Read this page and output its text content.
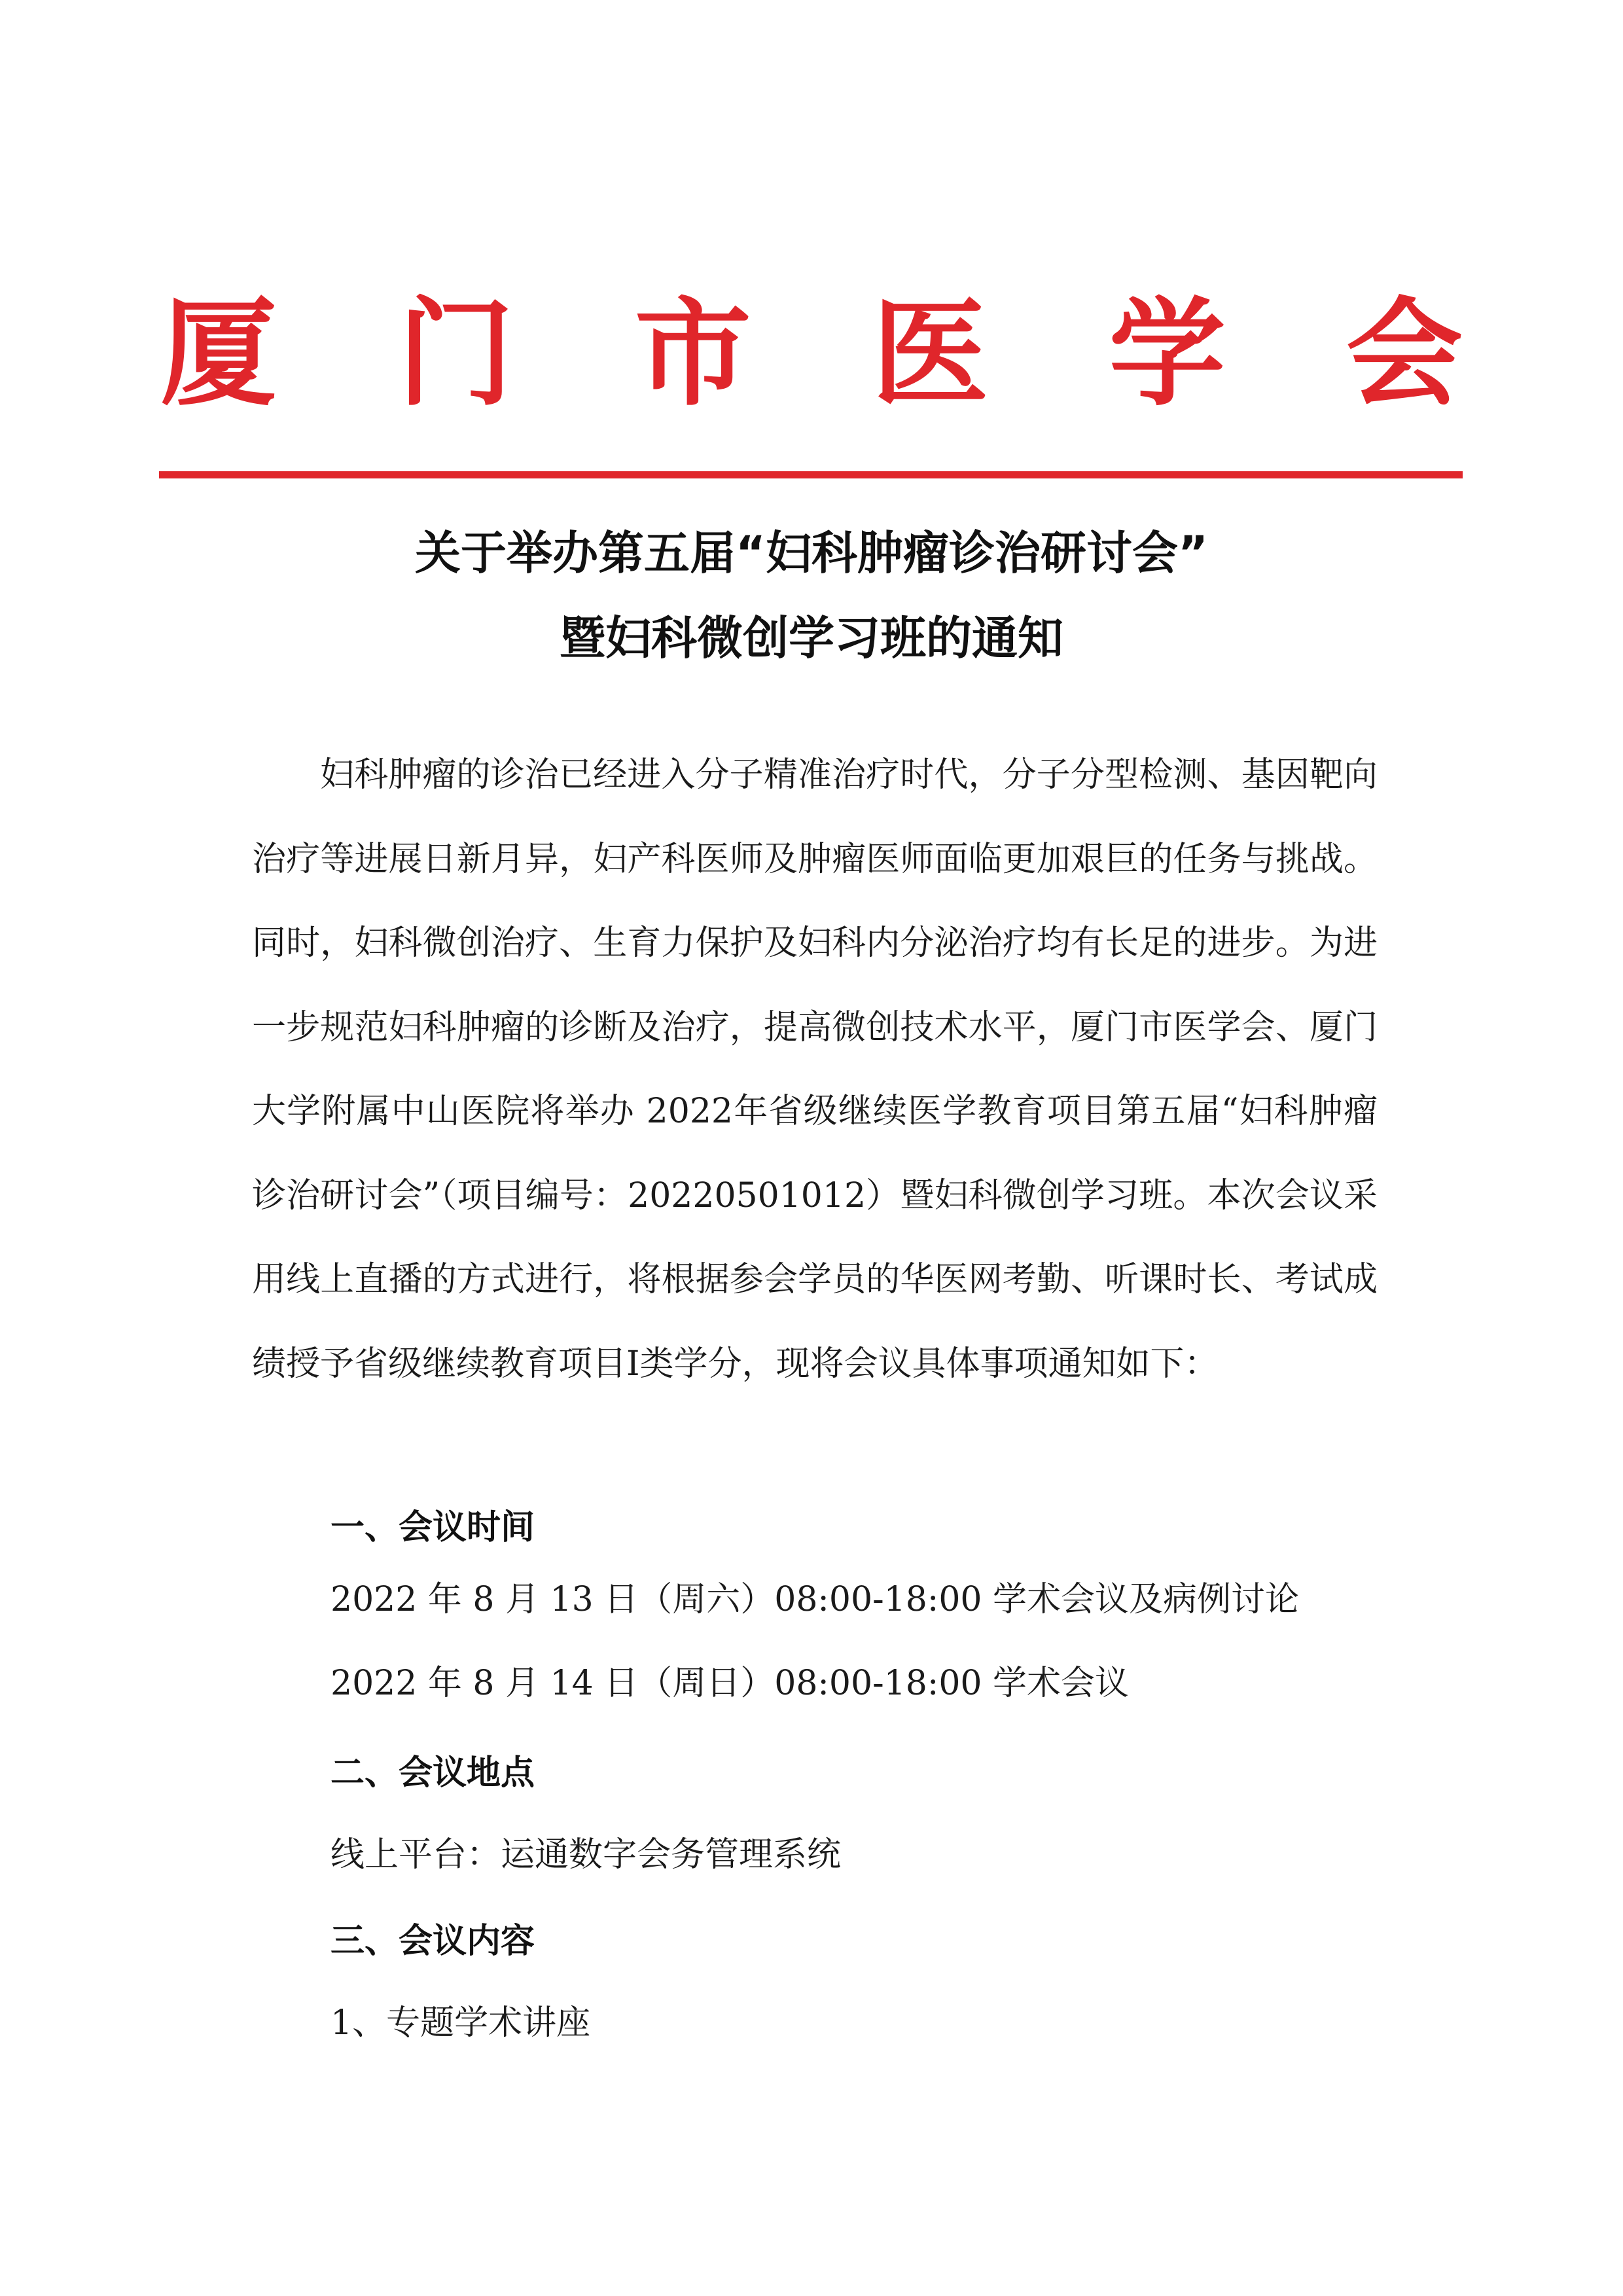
厦 门 市 医 学 会
关于举办第五届“妇科肿瘤诊治研讨会”
暨妇科微创学习班的通知

妇科肿瘤的诊治已经进入分子精准治疗时代，分子分型检测、基因靶向治疗等进展日新月异，妇产科医师及肿瘤医师面临更加艰巨的任务与挑战。同时，妇科微创治疗、生育力保护及妇科内分泌治疗均有长足的进步。为进一步规范妇科肿瘤的诊断及治疗，提高微创技术水平，厦门市医学会、厦门大学附属中山医院将举办 2022年省级继续医学教育项目第五届“妇科肿瘤诊治研讨会”（项目编号：20220501012）暨妇科微创学习班。本次会议采用线上直播的方式进行，将根据参会学员的华医网考勤、听课时长、考试成绩授予省级继续教育项目Ⅰ类学分，现将会议具体事项通知如下：

一、会议时间
2022 年 8 月 13 日（周六）08:00-18:00 学术会议及病例讨论
2022 年 8 月 14 日（周日）08:00-18:00 学术会议
二、会议地点
线上平台：运通数字会务管理系统
三、会议内容
1、专题学术讲座
